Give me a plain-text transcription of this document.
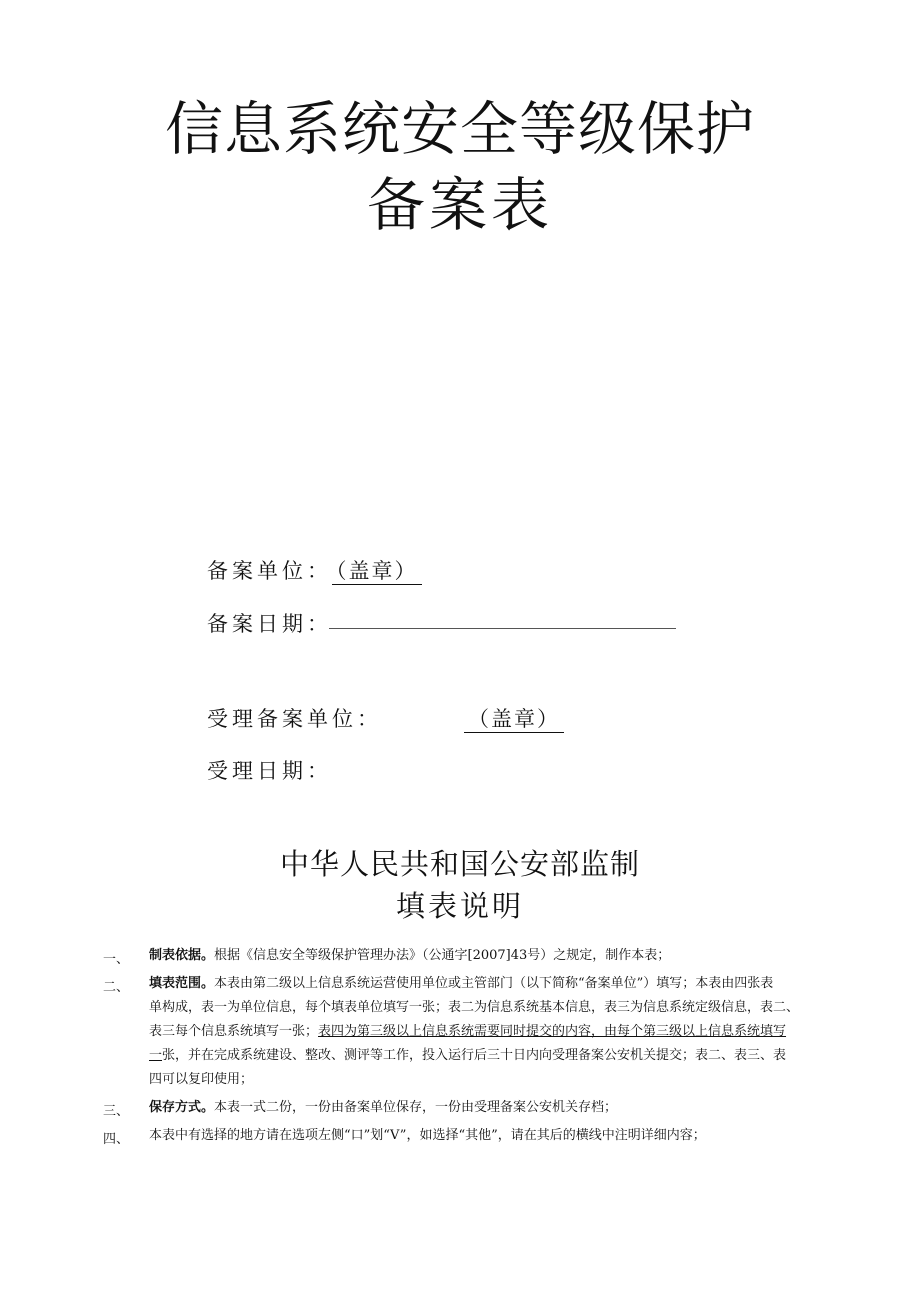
信息系统安全等级保护
备案表
备案单位： （盖章）
备案日期：
受理备案单位：	（盖章）
受理日期：
中华人民共和国公安部监制
填表说明
一、 制表依据。根据《信息安全等级保护管理办法》（公通字[2007]43号）之规定，制作本表；
二、 填表范围。本表由第二级以上信息系统运营使用单位或主管部门（以下简称“备案单位”）填写；本表由四张表
单构成，表一为单位信息，每个填表单位填写一张；表二为信息系统基本信息，表三为信息系统定级信息，表二、
表三每个信息系统填写一张；表四为第三级以上信息系统需要同时提交的内容，由每个第三级以上信息系统填写
一张，并在完成系统建设、整改、测评等工作，投入运行后三十日内向受理备案公安机关提交；表二、表三、表
四可以复印使用；
三、 保存方式。本表一式二份，一份由备案单位保存，一份由受理备案公安机关存档；
四、 本表中有选择的地方请在选项左侧“口”划“V”，如选择“其他”，请在其后的横线中注明详细内容；
